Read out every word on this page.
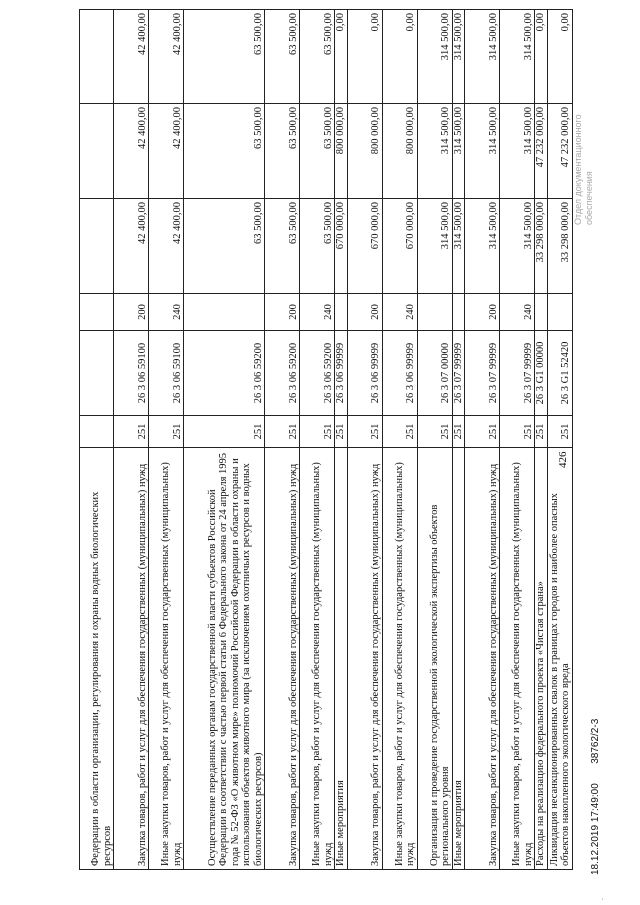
426
Федерации в области организации, регулирования и охраны водных биологических ресурсов						
Закупка товаров, работ и услуг для обеспечения государственных (муниципальных) нужд	251	26 3 06 59100	200	42 400,00	42 400,00	42 400,00
Иные закупки товаров, работ и услуг для обеспечения государственных (муниципальных) нужд	251	26 3 06 59100	240	42 400,00	42 400,00	42 400,00
Осуществление переданных органам государственной власти субъектов Российской Федерации в соответствии с частью первой статьи 6 Федерального закона от 24 апреля 1995 года № 52-ФЗ «О животном мире» полномочий Российской Федерации в области охраны и использования объектов животного мира (за исключением охотничьих ресурсов и водных биологических ресурсов)	251	26 3 06 59200		63 500,00	63 500,00	63 500,00
Закупка товаров, работ и услуг для обеспечения государственных (муниципальных) нужд	251	26 3 06 59200	200	63 500,00	63 500,00	63 500,00
Иные закупки товаров, работ и услуг для обеспечения государственных (муниципальных) нужд	251	26 3 06 59200	240	63 500,00	63 500,00	63 500,00
Иные мероприятия	251	26 3 06 99999		670 000,00	800 000,00	0,00
Закупка товаров, работ и услуг для обеспечения государственных (муниципальных) нужд	251	26 3 06 99999	200	670 000,00	800 000,00	0,00
Иные закупки товаров, работ и услуг для обеспечения государственных (муниципальных) нужд	251	26 3 06 99999	240	670 000,00	800 000,00	0,00
Организация и проведение государственной экологической экспертизы объектов регионального уровня	251	26 3 07 00000		314 500,00	314 500,00	314 500,00
Иные мероприятия	251	26 3 07 99999		314 500,00	314 500,00	314 500,00
Закупка товаров, работ и услуг для обеспечения государственных (муниципальных) нужд	251	26 3 07 99999	200	314 500,00	314 500,00	314 500,00
Иные закупки товаров, работ и услуг для обеспечения государственных (муниципальных) нужд	251	26 3 07 99999	240	314 500,00	314 500,00	314 500,00
Расходы на реализацию федерального проекта «Чистая страна»	251	26 3 G1 00000		33 298 000,00	47 232 000,00	0,00
Ликвидация несанкционированных свалок в границах городов и наиболее опасных объектов накопленного экологического вреда	251	26 3 G1 52420		33 298 000,00	47 232 000,00	0,00
.
18.12.2019 17:49:00       38762/2-3
Отдел документационного обеспечения
